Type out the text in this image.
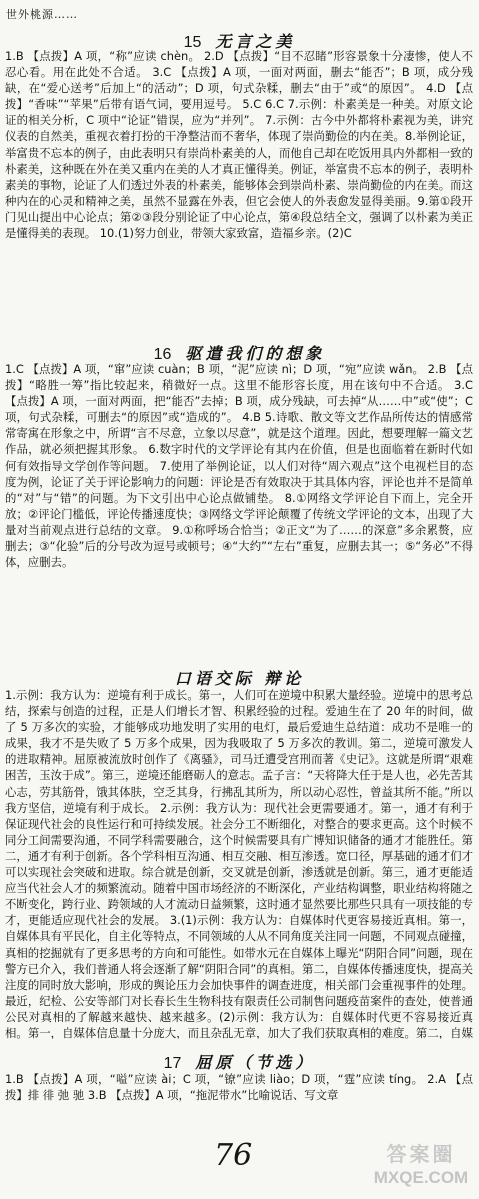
世外桃源……
15 无言之美

1.B 【点拨】A 项，“称”应读 chèn。 2.D 【点拨】“目不忍睹”形容景象十分凄惨，使人不忍心看。用在此处不合适。 3.C 【点拨】A 项，一面对两面，删去“能否”；B 项，成分残缺，在“爱心送考”后加上“的活动”；D 项，句式杂糅，删去“由于”或“的原因”。 4.D 【点拨】“香味”“苹果”后带有语气词，要用逗号。 5.C 6.C 7.示例：朴素美是一种美。对原文论证的相关分析，C 项中“论证”错误，应为“并列”。 7.示例：古今中外都将朴素视为美，讲究仪表的自然美，重视衣着打扮的干净整洁而不奢华，体现了崇尚勤俭的内在美。8.举例论证，举富贵不忘本的例子，由此表明只有崇尚朴素美的人，而他自己却在吃饭用具内外都相一致的朴素美，这种既在外在美又重内在美的人才真正懂得美。例证，举富贵不忘本的例子，表明朴素美的事物，论证了人们透过外表的朴素美，能够体会到崇尚朴素、崇尚勤俭的内在美。而这种内在的心灵和精神之美，虽然不显露在外表，但它会使人的外表愈发显得美丽。9.第①段开门见山提出中心论点；第②③段分别论证了中心论点，第④段总结全文，强调了以朴素为美正是懂得美的表现。 10.(1)努力创业，带领大家致富，造福乡亲。(2)C

16 驱遣我们的想象

1.C 【点拨】A 项，“窜”应读 cuàn；B 项，“泥”应读 nì；D 项，“宛”应读 wǎn。 2.B 【点拨】“略胜一筹”指比较起来，稍微好一点。这里不能形容长度，用在该句中不合适。 3.C 【点拨】A 项，一面对两面，把“能否”去掉；B 项，成分残缺，可去掉“从……中”或“使”；C 项，句式杂糅，可删去“的原因”或“造成的”。 4.B 5.诗歌、散文等文艺作品所传达的情感常常寄寓在形象之中，所谓“言不尽意，立象以尽意”，就是这个道理。因此，想要理解一篇文艺作品，就必须把握其形象。 6.数字时代的文学评论有其内在价值，但是也面临着在新时代如何有效指导文学创作等问题。 7.使用了举例论证，以人们对待“周六观点”这个电视栏目的态度为例，论证了关于评论影响力的问题：评论是否有效取决于其具体内容，评论也并不是简单的“对”与“错”的问题。为下文引出中心论点做铺垫。 8.①网络文学评论自下而上，完全开放；②评论门槛低，评论传播速度快；③网络文学评论颠覆了传统文学评论的文本，出现了大量对当前观点进行总结的文章。 9.①称呼场合恰当；②正文“为了……的深意”多余累赘，应删去；③“化验”后的分号改为逗号或顿号；④“大约”“左右”重复，应删去其一；⑤“务必”不得体，应删去。

口语交际 辩论

1.示例：我方认为：逆境有利于成长。第一，人们可在逆境中积累大量经验。逆境中的思考总结，探索与创造的过程，正是人们增长才智、积累经验的过程。爱迪生在了 20 年的时间，做了 5 万多次的实验，才能够成功地发明了实用的电灯，最后爱迪生总结道：成功不是唯一的成果，我才不是失败了 5 万多个成果，因为我吸取了 5 万多次的教训。第二，逆境可激发人的进取精神。屈原被流放时创作了《离骚》，司马迁遭受宫刑而著《史记》。这就是所谓“艰难困苦，玉汝于成”。第三，逆境还能磨砺人的意志。孟子言：“天将降大任于是人也，必先苦其心志，劳其筋骨，饿其体肤，空乏其身，行拂乱其所为，所以动心忍性，曾益其所不能。”所以我方坚信，逆境有利于成长。 2.示例：我方认为：现代社会更需要通才。第一，通才有利于保证现代社会的良性运行和可持续发展。社会分工不断细化，对整合的要求更高。这个时候不同分工间需要沟通，不同学科需要融合，这个时候需要具有广博知识储备的通才才能胜任。第二，通才有利于创新。各个学科相互沟通、相互交融、相互渗透。宽口径，厚基础的通才们才可以实现社会突破和进取。综合就是创新，交叉就是创新，渗透就是创新。第三，通才更能适应当代社会人才的频繁流动。随着中国市场经济的不断深化，产业结构调整，职业结构将随之不断变化，跨行业、跨领域的人才流动日益频繁，这时通才显然要比那些只具有一项技能的专才，更能适应现代社会的发展。 3.(1)示例：我方认为：自媒体时代更容易接近真相。第一，自媒体具有平民化，自主化等特点，不同领域的人从不同角度关注同一问题，不同观点碰撞，真相的挖掘就有了更多思考的方向和可能性。如带水元在自媒体上曝光“阴阳合同”问题，现在警方已介入，我们普通人将会逐渐了解“阴阳合同”的真相。第二，自媒体传播速度快，提高关注度的同时放大影响，形成的舆论压力会加快事件的调查进度，相关部门会重视事件的处理。最近，纪检、公安等部门对长春长生生物科技有限责任公司制售问题疫苗案件的查处，使普通公民对真相的了解越来越快、越来越多。(2)示例：我方认为：自媒体时代更不容易接近真相。第一，自媒体信息量十分庞大，而且杂乱无章，加大了我们获取真相的难度。第二，自媒

17 屈原（节选）

1.B 【点拨】A 项，“嗌”应读 ài；C 项，“镣”应读 liào；D 项，“霆”应读 tíng。 2.A 【点拨】排 徘 弛 驰 3.B 【点拨】A 项，“拖泥带水”比喻说话、写文章

76	答案圈
MXQE.COM
